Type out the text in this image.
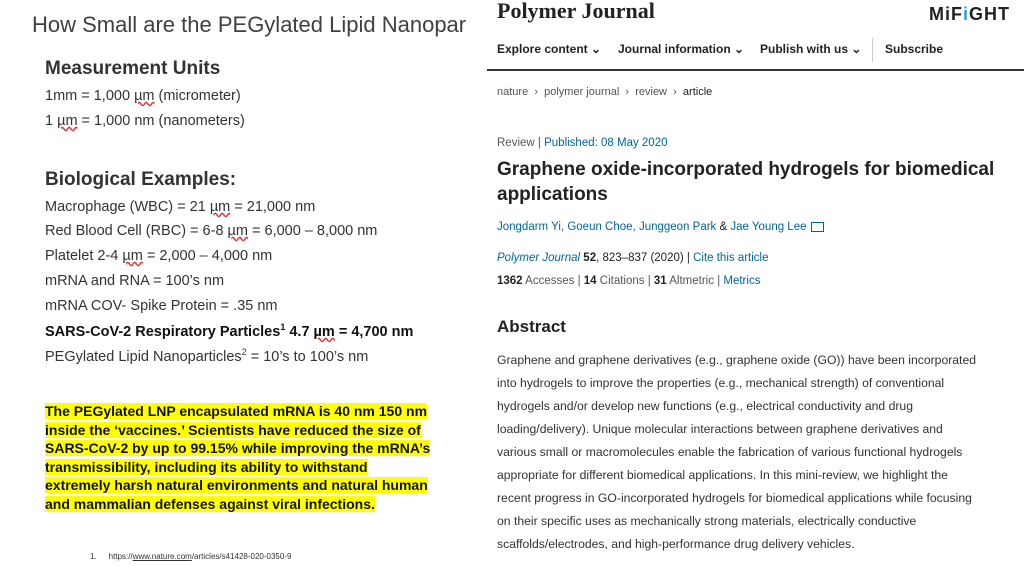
How Small are the PEGylated Lipid Nanopar
Measurement Units
1mm = 1,000 µm (micrometer)
1 µm = 1,000 nm (nanometers)
Biological Examples:
Macrophage (WBC) = 21 µm = 21,000 nm
Red Blood Cell (RBC) = 6-8 µm = 6,000 – 8,000 nm
Platelet 2-4 µm = 2,000 – 4,000 nm
mRNA and RNA = 100’s nm
mRNA COV- Spike Protein = .35 nm
SARS-CoV-2 Respiratory Particles$^1$ 4.7 µm = 4,700 nm
PEGylated Lipid Nanoparticles$^2$ = 10’s to 100’s nm
The PEGylated LNP encapsulated mRNA is 40 nm 150 nm
inside the ‘vaccines.’ Scientists have reduced the size of
SARS-CoV-2 by up to 99.15% while improving the mRNA’s
transmissibility, including its ability to withstand
extremely harsh natural environments and natural human
and mammalian defenses against viral infections.
1. https://www.nature.com/articles/s41428-020-0350-9
Polymer Journal	MiFiGHT
Explore content ⌄ Journal information ⌄ Publish with us ⌄ Subscribe
nature  ›  polymer journal  ›  review  ›  article
Review | Published: 08 May 2020
Graphene oxide-incorporated hydrogels for biomedical applications
Jongdarm Yi, Goeun Choe, Junggeon Park & Jae Young Lee
Polymer Journal 52, 823–837 (2020) | Cite this article
1362 Accesses | 14 Citations | 31 Altmetric | Metrics
Abstract
Graphene and graphene derivatives (e.g., graphene oxide (GO)) have been incorporated
into hydrogels to improve the properties (e.g., mechanical strength) of conventional
hydrogels and/or develop new functions (e.g., electrical conductivity and drug
loading/delivery). Unique molecular interactions between graphene derivatives and
various small or macromolecules enable the fabrication of various functional hydrogels
appropriate for different biomedical applications. In this mini-review, we highlight the
recent progress in GO-incorporated hydrogels for biomedical applications while focusing
on their specific uses as mechanically strong materials, electrically conductive
scaffolds/electrodes, and high-performance drug delivery vehicles.
